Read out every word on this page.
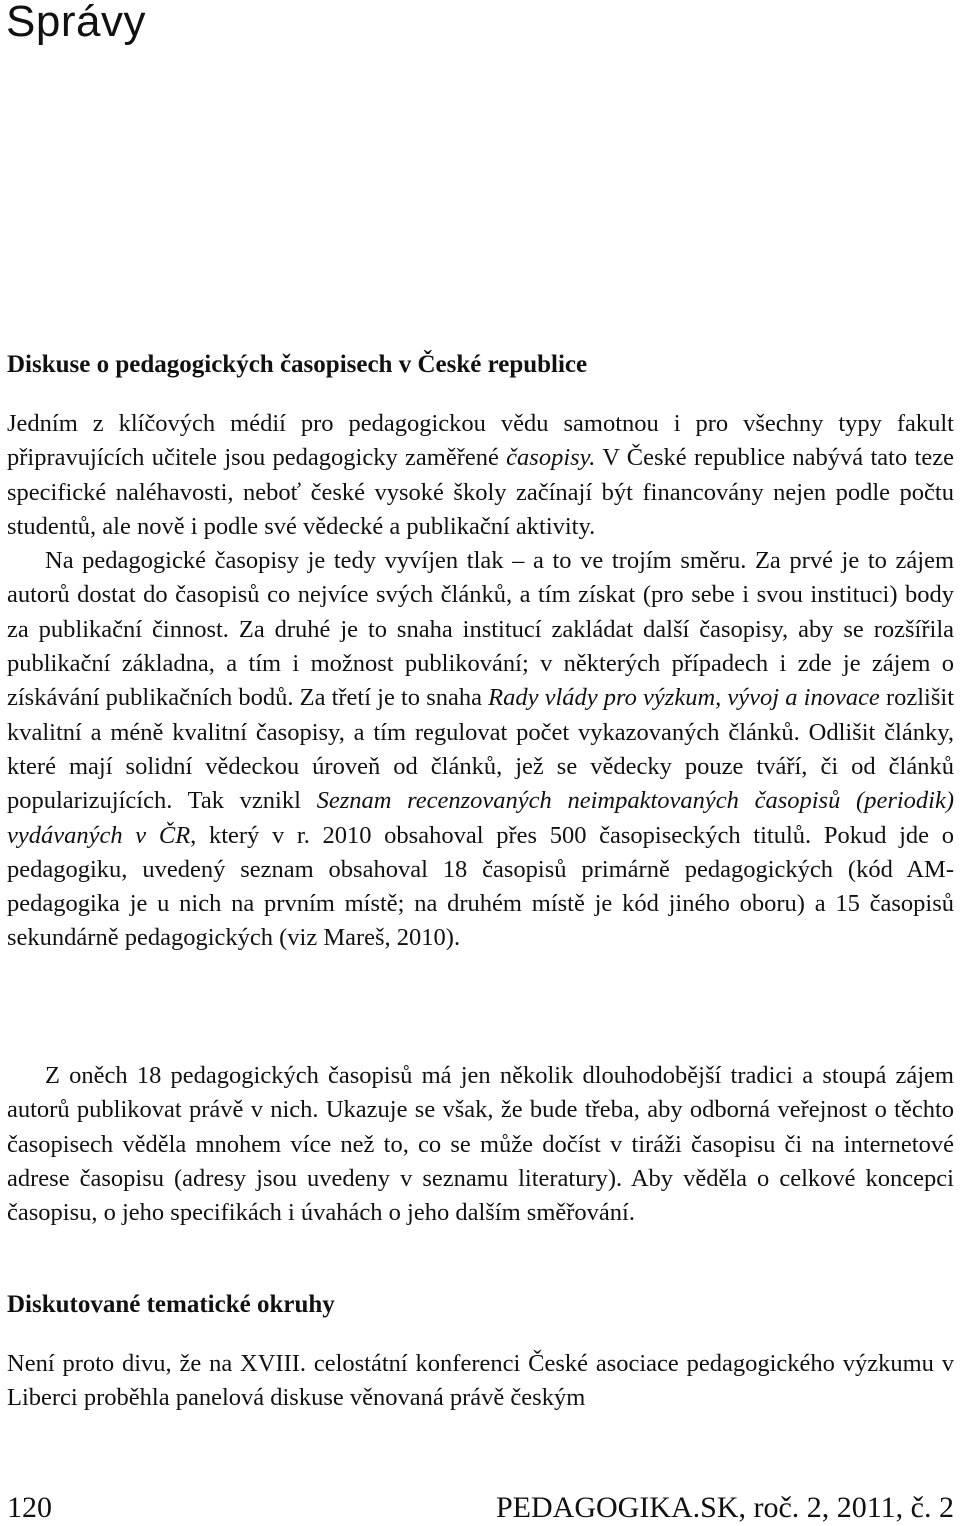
Správy
Diskuse o pedagogických časopisech v České republice

Jedním z klíčových médií pro pedagogickou vědu samotnou i pro všechny typy fakult připravujících učitele jsou pedagogicky zaměřené časopisy. V České republice nabývá tato teze specifické naléhavosti, neboť české vysoké školy začínají být financovány nejen podle počtu studentů, ale nově i podle své vědecké a publikační aktivity.
Na pedagogické časopisy je tedy vyvíjen tlak – a to ve trojím směru. Za prvé je to zájem autorů dostat do časopisů co nejvíce svých článků, a tím získat (pro sebe i svou instituci) body za publikační činnost. Za druhé je to snaha institucí zakládat další časopisy, aby se rozšířila publikační základna, a tím i možnost publikování; v některých případech i zde je zájem o získávání publikačních bodů. Za třetí je to snaha Rady vlády pro výzkum, vývoj a inovace rozlišit kvalitní a méně kvalitní časopisy, a tím regulovat počet vykazovaných článků. Odlišit články, které mají solidní vědeckou úroveň od článků, jež se vědecky pouze tváří, či od článků popularizujících. Tak vznikl Seznam recenzovaných neimpaktovaných časopisů (periodik) vydávaných v ČR, který v r. 2010 obsahoval přes 500 časopiseckých titulů. Pokud jde o pedagogiku, uvedený seznam obsahoval 18 časopisů primárně pedagogických (kód AM-pedagogika je u nich na prvním místě; na druhém místě je kód jiného oboru) a 15 časopisů sekundárně pedagogických (viz Mareš, 2010).

Z oněch 18 pedagogických časopisů má jen několik dlouhodobější tradici a stoupá zájem autorů publikovat právě v nich. Ukazuje se však, že bude třeba, aby odborná veřejnost o těchto časopisech věděla mnohem více než to, co se může dočíst v tiráži časopisu či na internetové adrese časopisu (adresy jsou uvedeny v seznamu literatury). Aby věděla o celkové koncepci časopisu, o jeho specifikách i úvahách o jeho dalším směřování.

Diskutované tematické okruhy

Není proto divu, že na XVIII. celostátní konferenci České asociace pedagogického výzkumu v Liberci proběhla panelová diskuse věnovaná právě českým

120	PEDAGOGIKA.SK, roč. 2, 2011, č. 2
